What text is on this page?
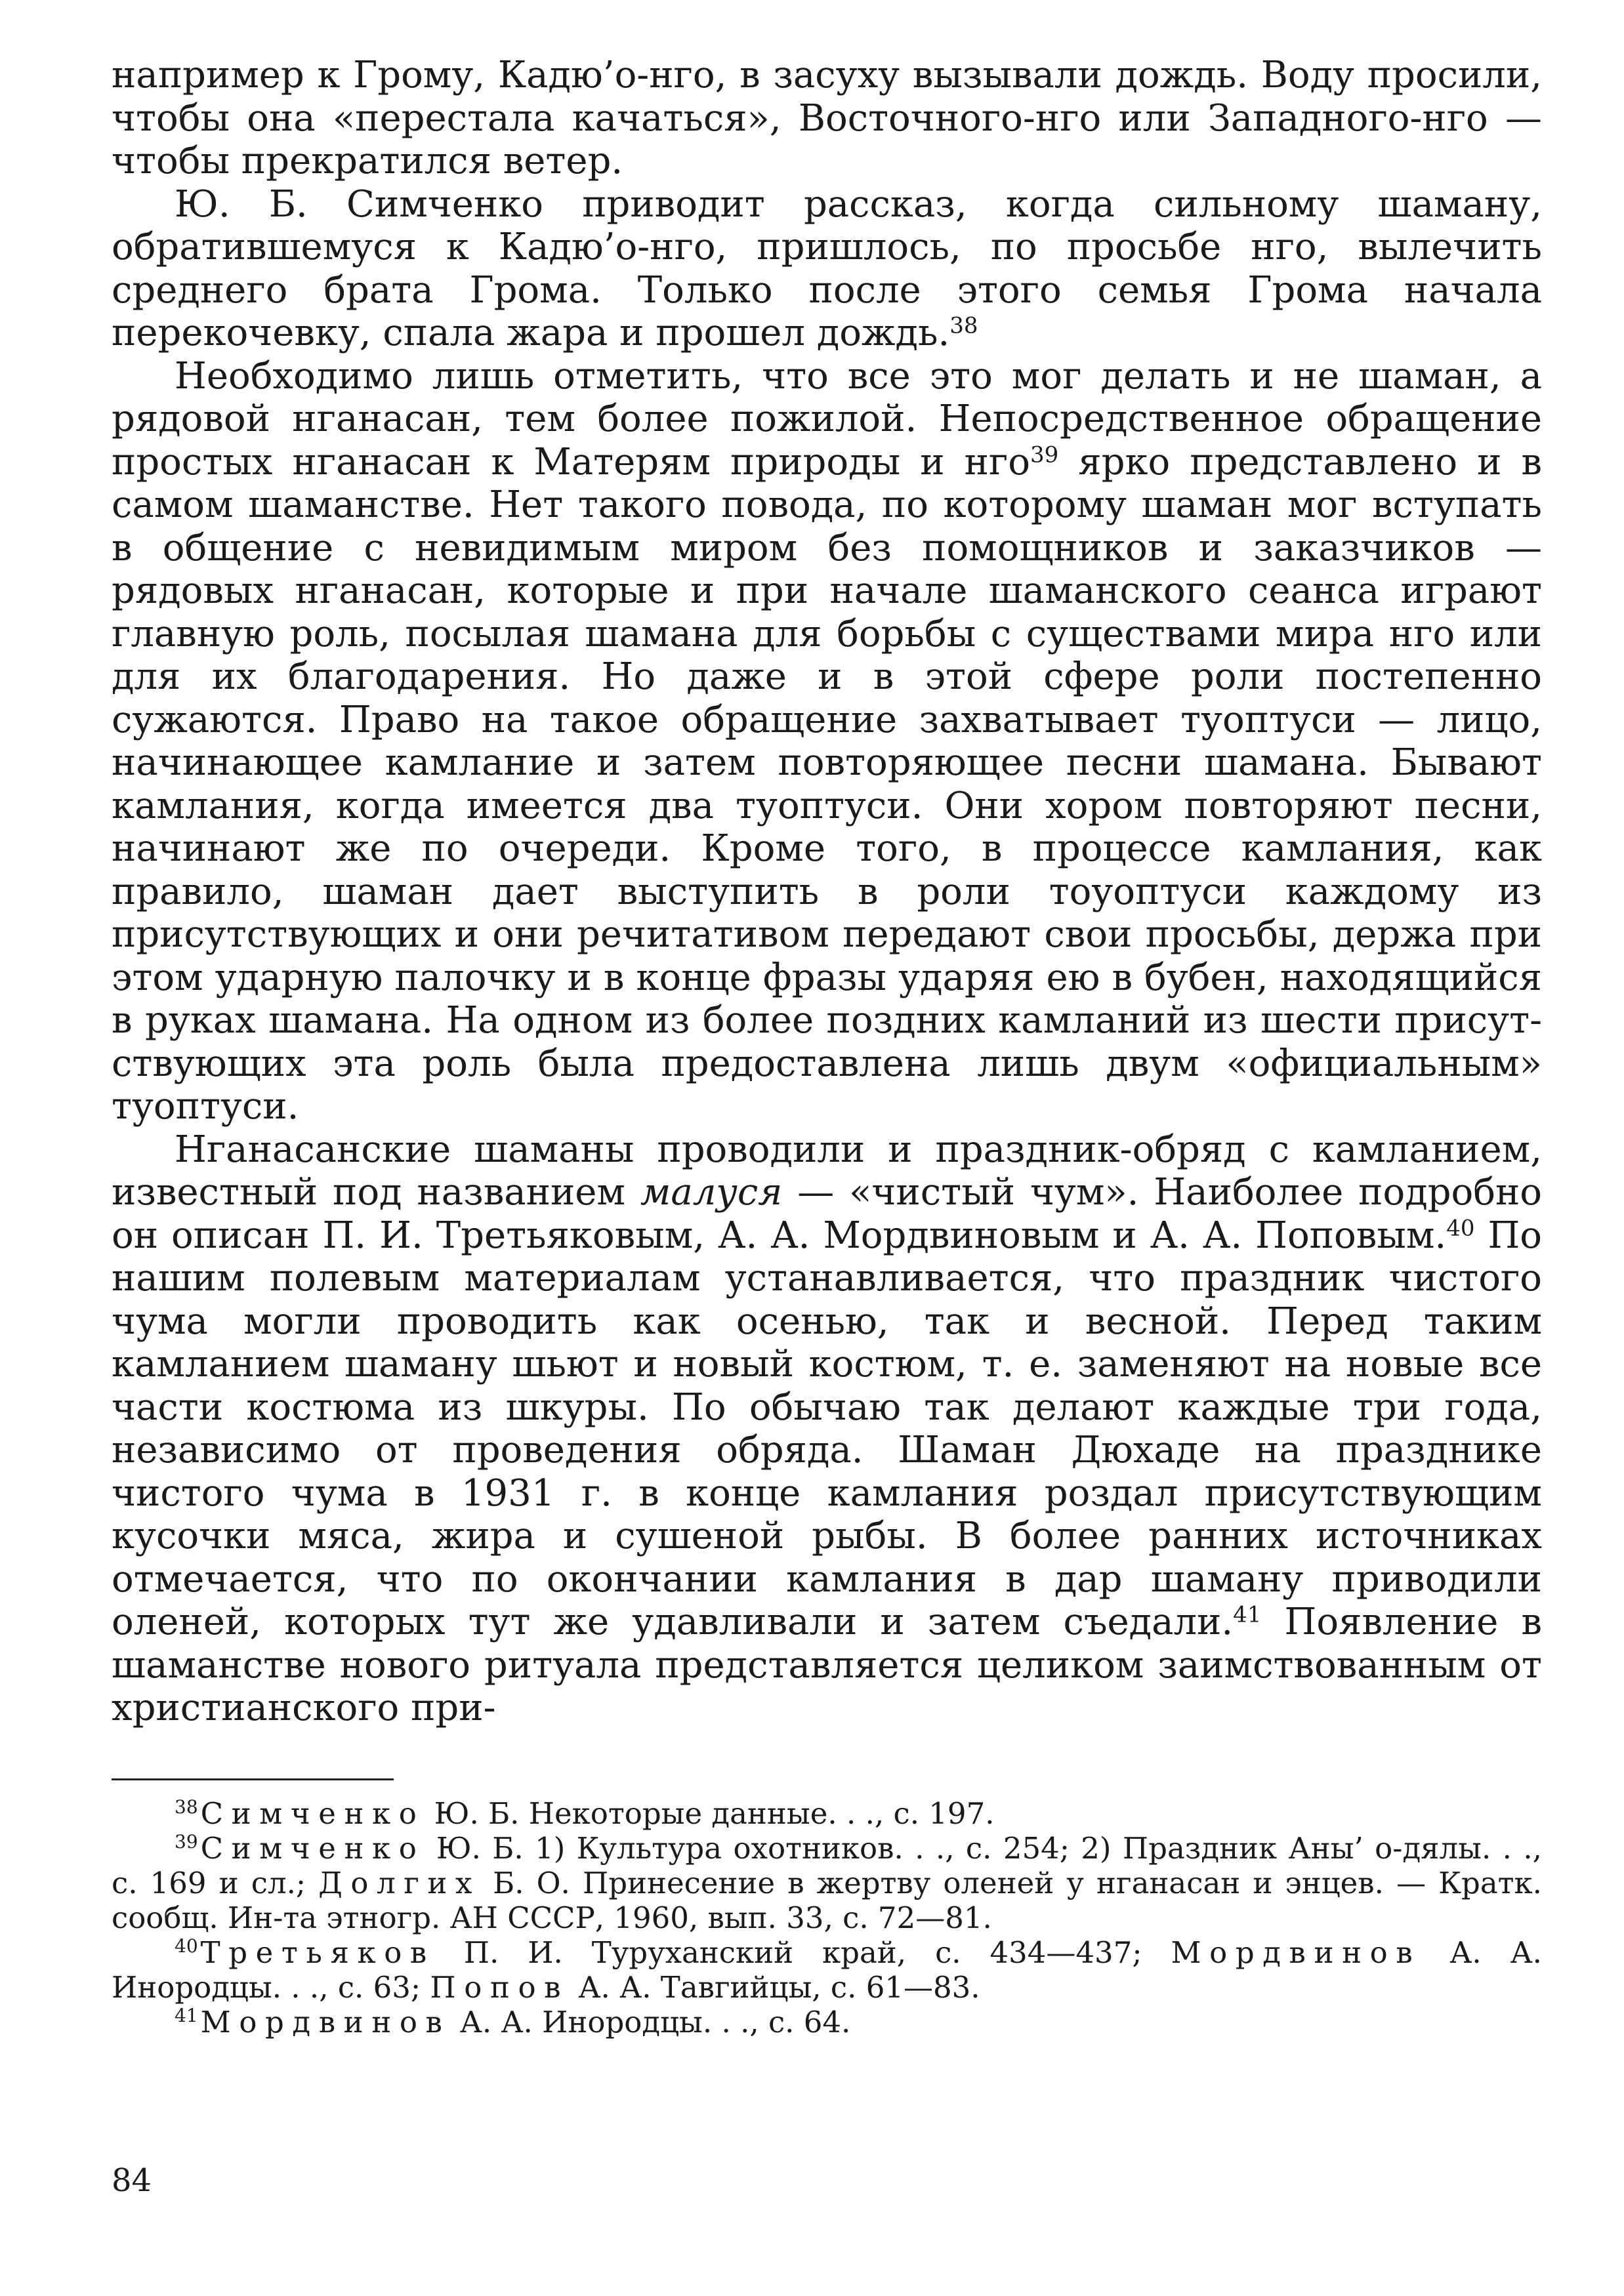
например к Грому, Кадю’о-нго, в засуху вызывали дождь. Воду просили, чтобы она «перестала качаться», Восточного-нго или Западного-нго — чтобы прекратился ветер.

Ю. Б. Симченко приводит рассказ, когда сильному шаману, обратившемуся к Кадю’о-нго, пришлось, по просьбе нго, вылечить среднего брата Грома. Только после этого семья Грома начала перекочевку, спала жара и прошел дождь.$^{38}$

Необходимо лишь отметить, что все это мог делать и не шаман, а рядовой нганасан, тем более пожилой. Непосредственное обращение простых нганасан к Матерям природы и нго$^{39}$ ярко представлено и в самом шаманстве. Нет такого повода, по которому шаман мог вступать в общение с невидимым миром без помощников и заказчиков — рядовых нганасан, которые и при начале шаманского сеанса играют главную роль, посылая шамана для борьбы с существами мира нго или для их благодарения. Но даже и в этой сфере роли постепенно сужаются. Право на такое обращение захватывает туоптуси — лицо, начинающее камлание и затем повторяющее песни шамана. Бывают камлания, когда имеется два туоптуси. Они хором повторяют песни, начинают же по очереди. Кроме того, в процессе камлания, как правило, шаман дает выступить в роли тоуоптуси каждому из присутствующих и они речитативом передают свои просьбы, держа при этом ударную палочку и в конце фразы ударяя ею в бубен, находящийся в руках шамана. На одном из более поздних камланий из шести присутствующих эта роль была предоставлена лишь двум «официальным» туоптуси.

Нганасанские шаманы проводили и праздник-обряд с камланием, известный под названием малуся — «чистый чум». Наиболее подробно он описан П. И. Третьяковым, А. А. Мордвиновым и А. А. Поповым.$^{40}$ По нашим полевым материалам устанавливается, что праздник чистого чума могли проводить как осенью, так и весной. Перед таким камланием шаману шьют и новый костюм, т. е. заменяют на новые все части костюма из шкуры. По обычаю так делают каждые три года, независимо от проведения обряда. Шаман Дюхаде на празднике чистого чума в 1931 г. в конце камлания роздал присутствующим кусочки мяса, жира и сушеной рыбы. В более ранних источниках отмечается, что по окончании камлания в дар шаману приводили оленей, которых тут же удавливали и затем съедали.$^{41}$ Появление в шаманстве нового ритуала представляется целиком заимствованным от христианского при-

$^{38}$Симченко Ю. Б. Некоторые данные. . ., с. 197.

$^{39}$Симченко Ю. Б. 1) Культура охотников. . ., с. 254; 2) Праздник Аны’ о-дялы. . ., с. 169 и сл.; Долгих Б. О. Принесение в жертву оленей у нганасан и энцев. — Кратк. сообщ. Ин-та этногр. АН СССР, 1960, вып. 33, с. 72—81.

$^{40}$Третьяков П. И. Туруханский край, с. 434—437; Мордвинов А. А. Инородцы. . ., с. 63; Попов А. А. Тавгийцы, с. 61—83.

$^{41}$Мордвинов А. А. Инородцы. . ., с. 64.

84
